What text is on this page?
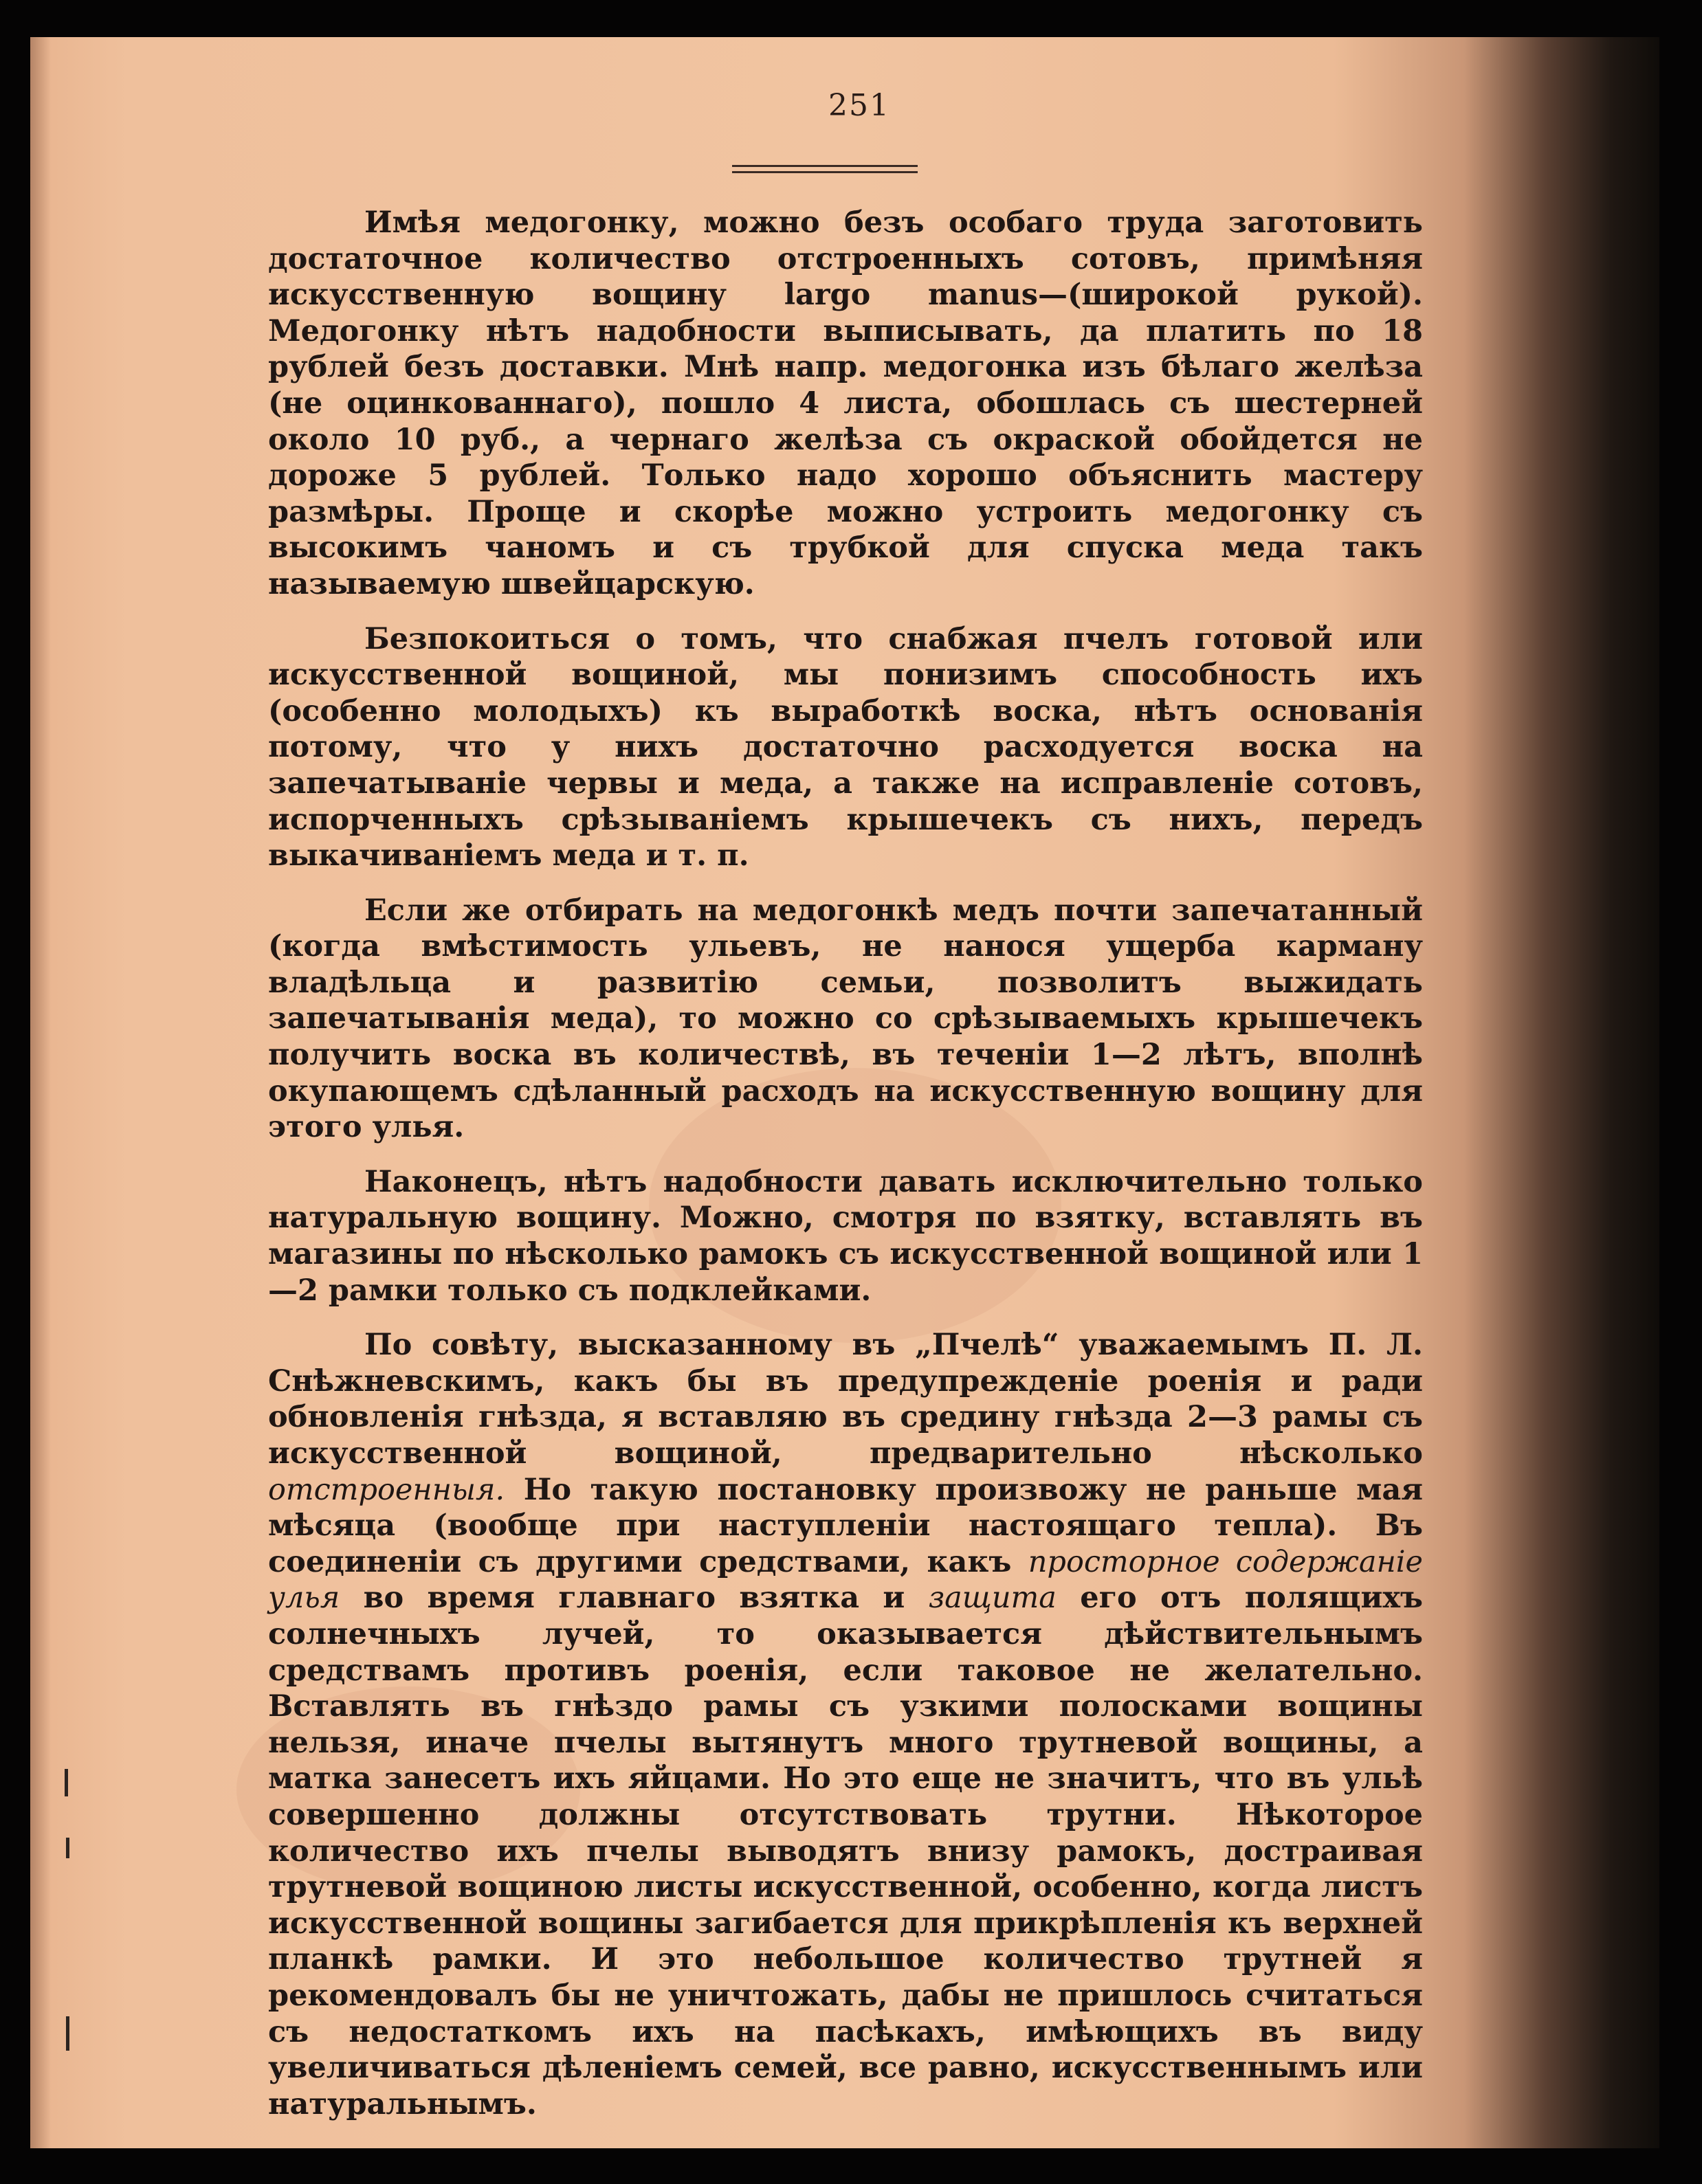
251

Имѣя медогонку, можно безъ особаго труда заготовить достаточное количество отстроенныхъ сотовъ, примѣняя искусственную вощину largo manus—(широкой рукой). Медогонку нѣтъ надобности выписывать, да платить по 18 рублей безъ доставки. Мнѣ напр. медогонка изъ бѣлаго желѣза (не оцинкованнаго), пошло 4 листа, обошлась съ шестерней около 10 руб., а чернаго желѣза съ окраской обойдется не дороже 5 рублей. Только надо хорошо объяснить мастеру размѣры. Проще и скорѣе можно устроить медогонку съ высокимъ чаномъ и съ трубкой для спуска меда такъ называемую швейцарскую.

Безпокоиться о томъ, что снабжая пчелъ готовой или искусственной вощиной, мы понизимъ способность ихъ (особенно молодыхъ) къ выработкѣ воска, нѣтъ основанія потому, что у нихъ достаточно расходуется воска на запечатываніе червы и меда, а также на исправленіе сотовъ, испорченныхъ срѣзываніемъ крышечекъ съ нихъ, передъ выкачиваніемъ меда и т. п.

Если же отбирать на медогонкѣ медъ почти запечатанный (когда вмѣстимость ульевъ, не нанося ущерба карману владѣльца и развитію семьи, позволитъ выжидать запечатыванія меда), то можно со срѣзываемыхъ крышечекъ получить воска въ количествѣ, въ теченіи 1—2 лѣтъ, вполнѣ окупающемъ сдѣланный расходъ на искусственную вощину для этого улья.

Наконецъ, нѣтъ надобности давать исключительно только натуральную вощину. Можно, смотря по взятку, вставлять въ магазины по нѣсколько рамокъ съ искусственной вощиной или 1—2 рамки только съ подклейками.

По совѣту, высказанному въ „Пчелѣ“ уважаемымъ П. Л. Снѣжневскимъ, какъ бы въ предупрежденіе роенія и ради обновленія гнѣзда, я вставляю въ средину гнѣзда 2—3 рамы съ искусственной вощиной, предварительно нѣсколько отстроенныя. Но такую постановку произвожу не раньше мая мѣсяца (вообще при наступленіи настоящаго тепла). Въ соединеніи съ другими средствами, какъ просторное содержаніе улья во время главнаго взятка и защита его отъ полящихъ солнечныхъ лучей, то оказывается дѣйствительнымъ средствамъ противъ роенія, если таковое не желательно. Вставлять въ гнѣздо рамы съ узкими полосками вощины нельзя, иначе пчелы вытянутъ много трутневой вощины, а матка занесетъ ихъ яйцами. Но это еще не значитъ, что въ ульѣ совершенно должны отсутствовать трутни. Нѣкоторое количество ихъ пчелы выводятъ внизу рамокъ, достраивая трутневой вощиною листы искусственной, особенно, когда листъ искусственной вощины загибается для прикрѣпленія къ верхней планкѣ рамки. И это небольшое количество трутней я рекомендовалъ бы не уничтожать, дабы не пришлось считаться съ недостаткомъ ихъ на пасѣкахъ, имѣющихъ въ виду увеличиваться дѣленіемъ семей, все равно, искусственнымъ или натуральнымъ.
